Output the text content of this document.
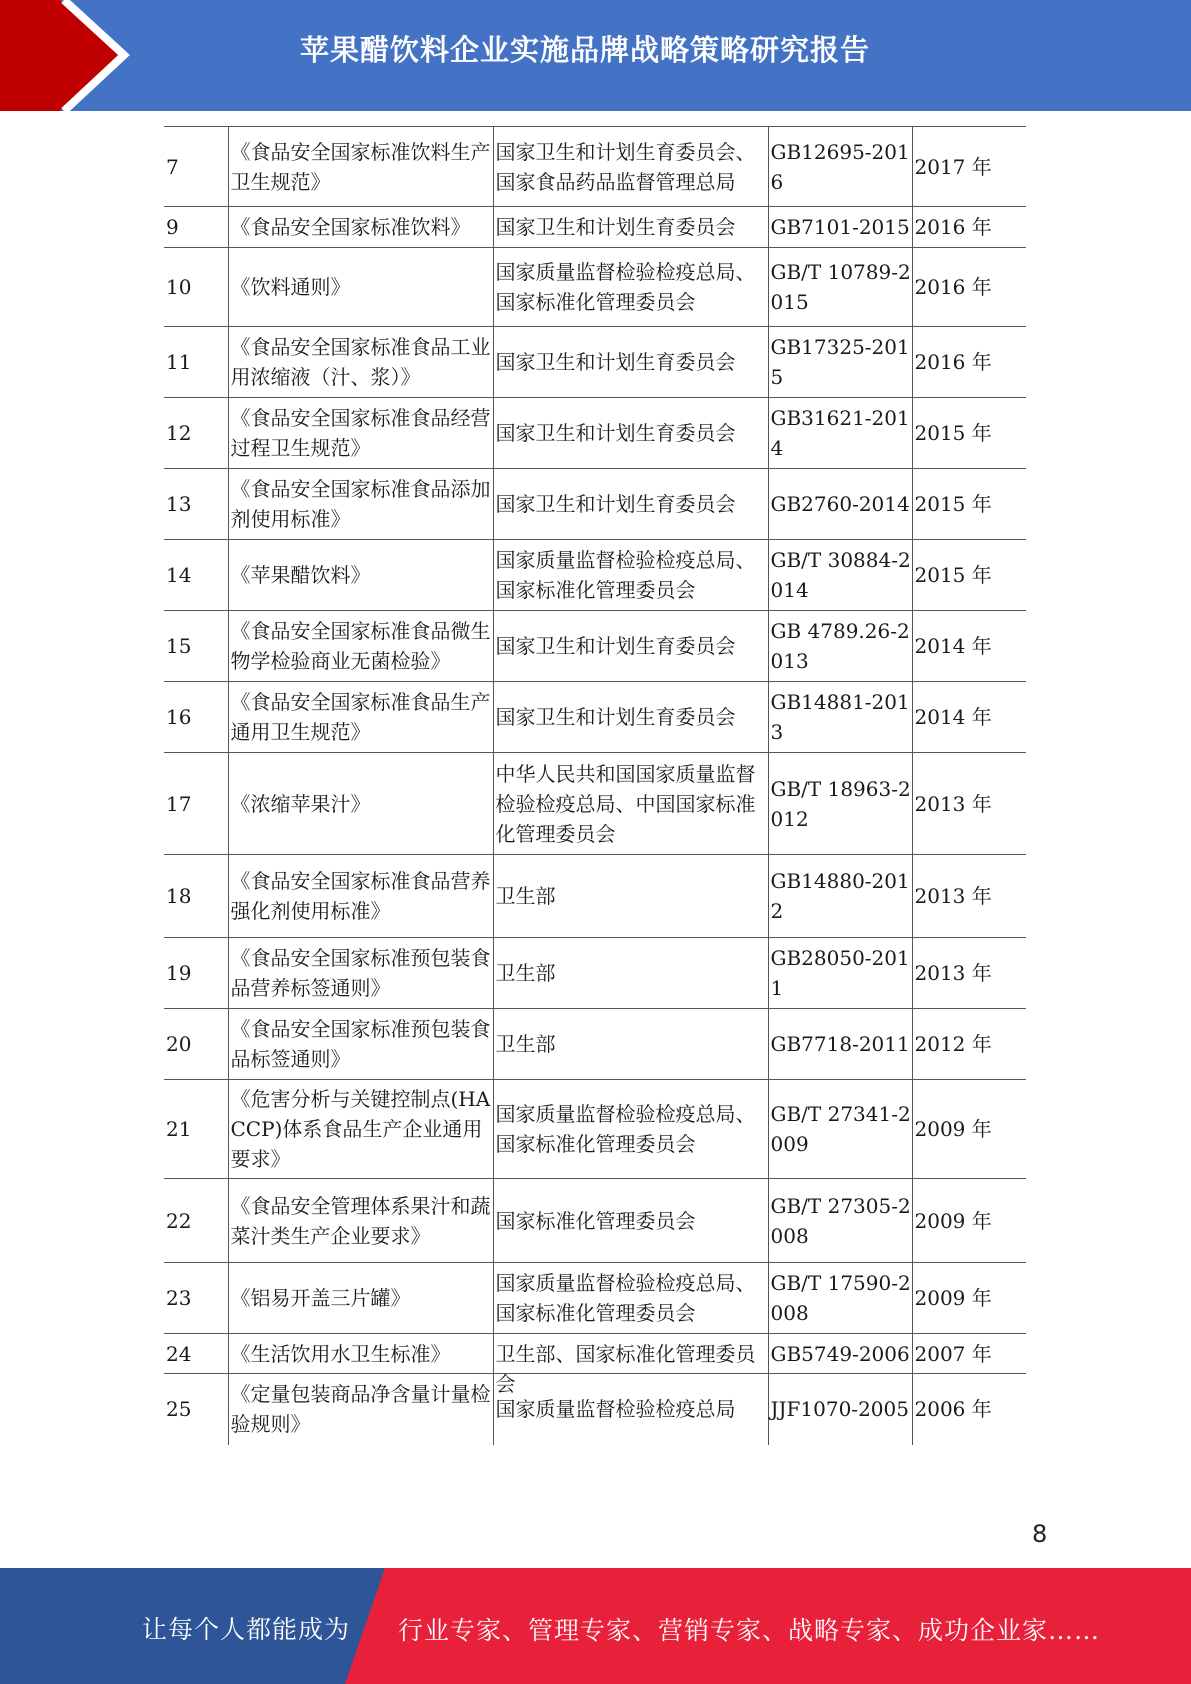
苹果醋饮料企业实施品牌战略策略研究报告
7	《食品安全国家标准饮料生产卫生规范》	国家卫生和计划生育委员会、国家食品药品监督管理总局	GB12695-2016	2017 年
9	《食品安全国家标准饮料》	国家卫生和计划生育委员会	GB7101-2015	2016 年
10	《饮料通则》	国家质量监督检验检疫总局、国家标准化管理委员会	GB/T 10789-2015	2016 年
11	《食品安全国家标准食品工业用浓缩液（汁、浆）》	国家卫生和计划生育委员会	GB17325-2015	2016 年
12	《食品安全国家标准食品经营过程卫生规范》	国家卫生和计划生育委员会	GB31621-2014	2015 年
13	《食品安全国家标准食品添加剂使用标准》	国家卫生和计划生育委员会	GB2760-2014	2015 年
14	《苹果醋饮料》	国家质量监督检验检疫总局、国家标准化管理委员会	GB/T 30884-2014	2015 年
15	《食品安全国家标准食品微生物学检验商业无菌检验》	国家卫生和计划生育委员会	GB 4789.26-2013	2014 年
16	《食品安全国家标准食品生产通用卫生规范》	国家卫生和计划生育委员会	GB14881-2013	2014 年
17	《浓缩苹果汁》	中华人民共和国国家质量监督检验检疫总局、中国国家标准化管理委员会	GB/T 18963-2012	2013 年
18	《食品安全国家标准食品营养强化剂使用标准》	卫生部	GB14880-2012	2013 年
19	《食品安全国家标准预包装食品营养标签通则》	卫生部	GB28050-2011	2013 年
20	《食品安全国家标准预包装食品标签通则》	卫生部	GB7718-2011	2012 年
21	《危害分析与关键控制点(HACCP)体系食品生产企业通用要求》	国家质量监督检验检疫总局、国家标准化管理委员会	GB/T 27341-2009	2009 年
22	《食品安全管理体系果汁和蔬菜汁类生产企业要求》	国家标准化管理委员会	GB/T 27305-2008	2009 年
23	《铝易开盖三片罐》	国家质量监督检验检疫总局、国家标准化管理委员会	GB/T 17590-2008	2009 年
24	《生活饮用水卫生标准》	卫生部、国家标准化管理委员会	GB5749-2006	2007 年
25	《定量包装商品净含量计量检验规则》	国家质量监督检验检疫总局	JJF1070-2005	2006 年
8
让每个人都能成为 行业专家、管理专家、营销专家、战略专家、成功企业家……
